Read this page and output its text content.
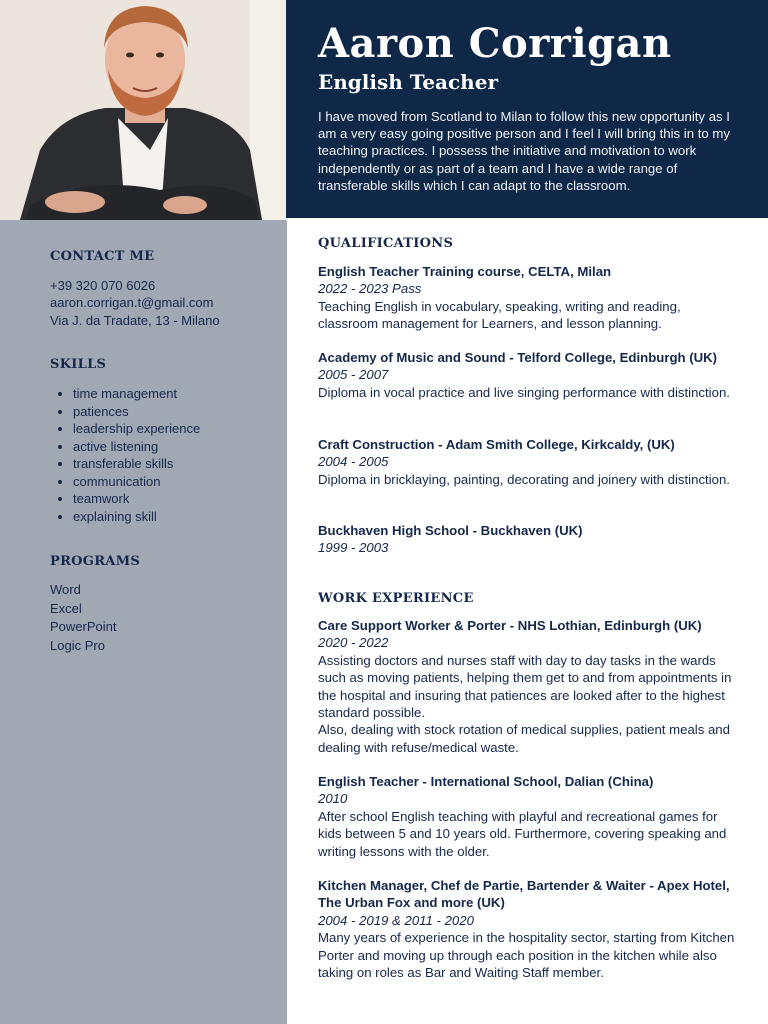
Aaron Corrigan
English Teacher

I have moved from Scotland to Milan to follow this new opportunity as I am a very easy going positive person and I feel I will bring this in to my teaching practices. I possess the initiative and motivation to work independently or as part of a team and I have a wide range of transferable skills which I can adapt to the classroom.

CONTACT ME
+39 320 070 6026
aaron.corrigan.t@gmail.com
Via J. da Tradate, 13 - Milano
SKILLS
• time management
• patiences
• leadership experience
• active listening
• transferable skills
• communication
• teamwork
• explaining skill
PROGRAMS
Word
Excel
PowerPoint
Logic Pro
QUALIFICATIONS

English Teacher Training course, CELTA, Milan

2022 - 2023 Pass

Teaching English in vocabulary, speaking, writing and reading, classroom management for Learners, and lesson planning.

Academy of Music and Sound - Telford College, Edinburgh (UK)

2005 - 2007

Diploma in vocal practice and live singing performance with distinction.

Craft Construction - Adam Smith College, Kirkcaldy, (UK)

2004 - 2005

Diploma in bricklaying, painting, decorating and joinery with distinction.

Buckhaven High School - Buckhaven (UK)

1999 - 2003

WORK EXPERIENCE

Care Support Worker & Porter - NHS Lothian, Edinburgh (UK)

2020 - 2022

Assisting doctors and nurses staff with day to day tasks in the wards such as moving patients, helping them get to and from appointments in the hospital and insuring that patiences are looked after to the highest standard possible.

Also, dealing with stock rotation of medical supplies, patient meals and dealing with refuse/medical waste.

English Teacher - International School, Dalian (China)

2010

After school English teaching with playful and recreational games for kids between 5 and 10 years old. Furthermore, covering speaking and writing lessons with the older.

Kitchen Manager, Chef de Partie, Bartender & Waiter - Apex Hotel, The Urban Fox and more (UK)

2004 - 2019 & 2011 - 2020

Many years of experience in the hospitality sector, starting from Kitchen Porter and moving up through each position in the kitchen while also taking on roles as Bar and Waiting Staff member.
